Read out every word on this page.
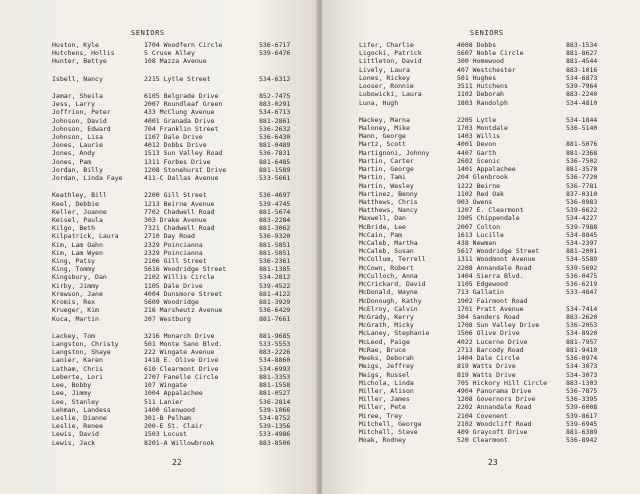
SENIORS
Huston, Kyle	1704 Woodfern Circle	536-6717
Hutchens, Hollis	5 Cruse Alley	539-6476
Hunter, Bettye	108 Mazza Avenue
Isbell, Nancy	2215 Lytle Street	534-6312
Jamar, Sheila	6105 Belgrade Drive	852-7475
Jess, Larry	2007 Roundleaf Green	883-0291
Joffrion, Peter	433 McClung Avenue	534-6713
Johnson, David	4001 Granada Drive	881-2861
Johnson, Edward	704 Franklin Street	536-2632
Johnson, Lisa	1107 Dale Drive	536-6430
Jones, Laurie	4012 Dobbs Drive	881-0489
Jones, Andy	1513 Sun Valley Road	536-7831
Jones, Pam	1311 Forbes Drive	881-6485
Jordan, Billy	1208 Stonehurst Drive	881-1589
Jordan, Linda Faye	411-C Dallas Avenue	533-5661
Keathley, Bill	2200 Gill Street	536-4697
Keel, Debbie	1213 Beirne Avenue	539-4745
Keller, Joanne	7702 Chadwell Road	881-5674
Keisel, Paula	303 Drake Avenue	883-2284
Kilgo, Beth	7321 Chadwell Road	881-3062
Kilpatrick, Laura	2710 Day Road	536-9320
Kim, Lam Oahn	2329 Poincianna	881-5851
Kim, Lam Wyen	2329 Poincianna	881-5851
King, Patsy	2106 Gill Street	536-2361
King, Tommy	5616 Woodridge Street	881-1385
Kingsbury, Dan	2102 Willis Circle	534-2812
Kirby, Jimmy	1105 Dale Drive	539-4522
Krewson, Jane	4004 Dunsmore Street	881-4122
Kromis, Rex	5609 Woodridge	881-3929
Krueger, Kim	216 Marsheutz Avenue	536-6429
Kuca, Martin	207 Westburg	881-7661
Lackey, Tom	3216 Monarch Drive	881-9685
Langston, Christy	501 Monte Sano Blvd.	533-5553
Langston, Shaye	222 Wingate Avenue	883-2226
Lanier, Karen	1418 E. Olive Drive	534-8860
Latham, Chris	610 Clearmont Drive	534-6993
Leberte, Lori	2707 Fanelle Circle	881-3353
Lee, Bobby	107 Wingate	881-1558
Lee, Jimmy	1004 Appalachee	881-0527
Lee, Stanley	511 Lanier	536-2814
Lehman, Landess	1400 Glenwood	539-1066
Leslie, Dianne	301-B Pelham	534-8752
Leslie, Renee	200-E St. Clair	539-1356
Lewis, David	1503 Locust	533-4986
Lewis, Jack	8201-A Willowbrook	883-8506
22
SENIORS
Lifer, Charlie	4008 Dobbs	883-1534
Ligocki, Patrick	5607 Noble Circle	881-8627
Littleton, David	300 Homewood	881-4544
Lively, Laura	407 Westchester	883-1016
Lones, Rickey	501 Hughes	534-6873
Looser, Ronnie	3511 Hutchens	539-7964
Lubowicki, Laura	1102 Deborah	883-2240
Luna, Hugh	1803 Randolph	534-4810
Mackey, Marna	2205 Lytle	534-1844
Maloney, Mike	1703 Montdale	536-5140
Mann, George	1403 Willis
Martz, Scott	4001 Devon	881-5076
Martignoni, Johnny	4407 Garth	881-2368
Martin, Carter	2602 Scenic	536-7502
Martin, George	1401 Appalachee	881-3578
Martin, Tami	204 Glenbrook	536-7720
Martin, Wesley	1222 Beirne	536-7781
Martinez, Benny	1102 Red Oak	837-0310
Matthews, Chris	903 Owens	536-0983
Matthews, Nancy	1207 E. Clearmont	539-6622
Maxwell, Dan	1905 Chippendale	534-4227
McBride, Lee	2007 Colton	539-7988
McCain, Pam	1613 Lucille	534-8845
McCaleb, Martha	438 Newman	534-2397
McCaleb, Susan	5617 Woodridge Street	881-2001
McCollum, Terrell	1311 Woodmont Avenue	534-5589
McCown, Robert	2208 Annandale Road	539-5692
McCulloch, Anna	1404 Sierra Blvd.	536-0475
McCrickard, David	1105 Edgewood	536-6219
McDonald, Wayne	713 Gallatin	533-4847
McDonough, Kathy	1902 Fairmont Road
McElroy, Calvin	1701 Pratt Avenue	534-7414
McGrady, Kerry	304 Sanders Road	883-2620
McGrath, Micky	1708 Sun Valley Drive	536-2053
McLaney, Stephanie	1506 Olive Drive	534-8920
McLeod, Paige	4022 Lucerne Drive	881-7957
McRae, Bruce	2713 Barcody Road	881-9410
Meeks, Deborah	1404 Dale Circle	536-0974
Meigs, Jeffrey	819 Watts Drive	534-3073
Meigs, Russel	819 Watts Drive	534-3073
Michola, Linda	705 Hickory Hill Circle	883-1303
Miller, Alison	4904 Panorama Drive	536-7875
Miller, James	1208 Governors Drive	536-3395
Miller, Pete	2202 Annandale Road	539-6008
Miree, Trey	2104 Covenent	539-8617
Mitchell, George	2102 Woodcliff Road	539-6945
Mitchell, Steve	409 Graycoft Drive	881-6389
Moak, Rodney	520 Clearmont	536-8942
23
